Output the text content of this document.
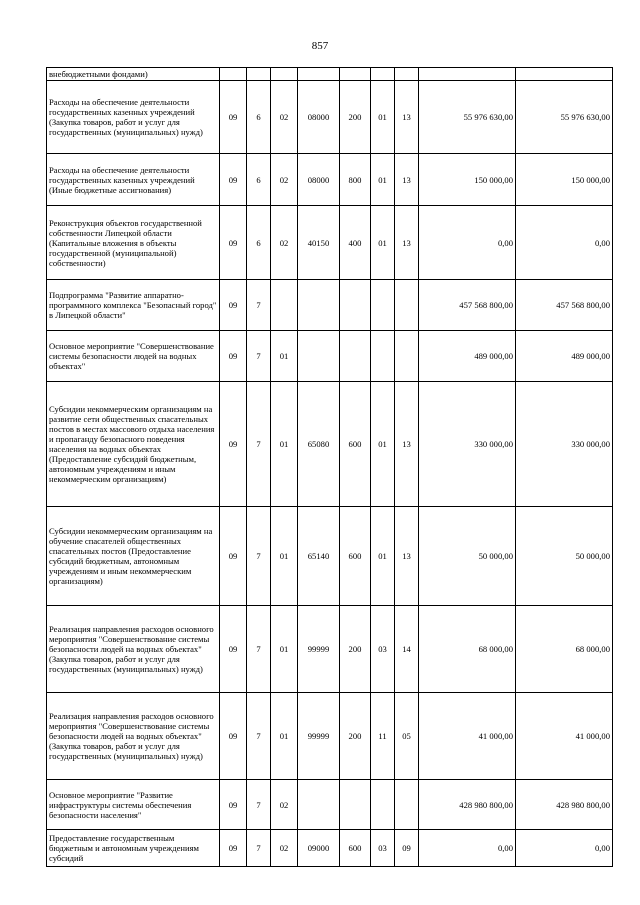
857
внебюджетными фондами)									
Расходы на обеспечение деятельности государственных казенных учреждений (Закупка товаров, работ и услуг для государственных (муниципальных) нужд)	09	6	02	08000	200	01	13	55 976 630,00	55 976 630,00
Расходы на обеспечение деятельности государственных казенных учреждений (Иные бюджетные ассигнования)	09	6	02	08000	800	01	13	150 000,00	150 000,00
Реконструкция объектов государственной собственности Липецкой области (Капитальные вложения в объекты государственной (муниципальной) собственности)	09	6	02	40150	400	01	13	0,00	0,00
Подпрограмма "Развитие аппаратно-программного комплекса "Безопасный город" в Липецкой области"	09	7						457 568 800,00	457 568 800,00
Основное мероприятие "Совершенствование системы безопасности людей на водных объектах"	09	7	01					489 000,00	489 000,00
Субсидии некоммерческим организациям на развитие сети общественных спасательных постов в местах массового отдыха населения и пропаганду безопасного поведения населения на водных объектах (Предоставление субсидий бюджетным, автономным учреждениям и иным некоммерческим организациям)	09	7	01	65080	600	01	13	330 000,00	330 000,00
Субсидии некоммерческим организациям на обучение спасателей общественных спасательных постов (Предоставление субсидий бюджетным, автономным учреждениям и иным некоммерческим организациям)	09	7	01	65140	600	01	13	50 000,00	50 000,00
Реализация направления расходов основного мероприятия "Совершенствование системы безопасности людей на водных объектах" (Закупка товаров, работ и услуг для государственных (муниципальных) нужд)	09	7	01	99999	200	03	14	68 000,00	68 000,00
Реализация направления расходов основного мероприятия "Совершенствование системы безопасности людей на водных объектах" (Закупка товаров, работ и услуг для государственных (муниципальных) нужд)	09	7	01	99999	200	11	05	41 000,00	41 000,00
Основное мероприятие "Развитие инфраструктуры системы обеспечения безопасности населения"	09	7	02					428 980 800,00	428 980 800,00
Предоставление государственным бюджетным и автономным учреждениям субсидий	09	7	02	09000	600	03	09	0,00	0,00
